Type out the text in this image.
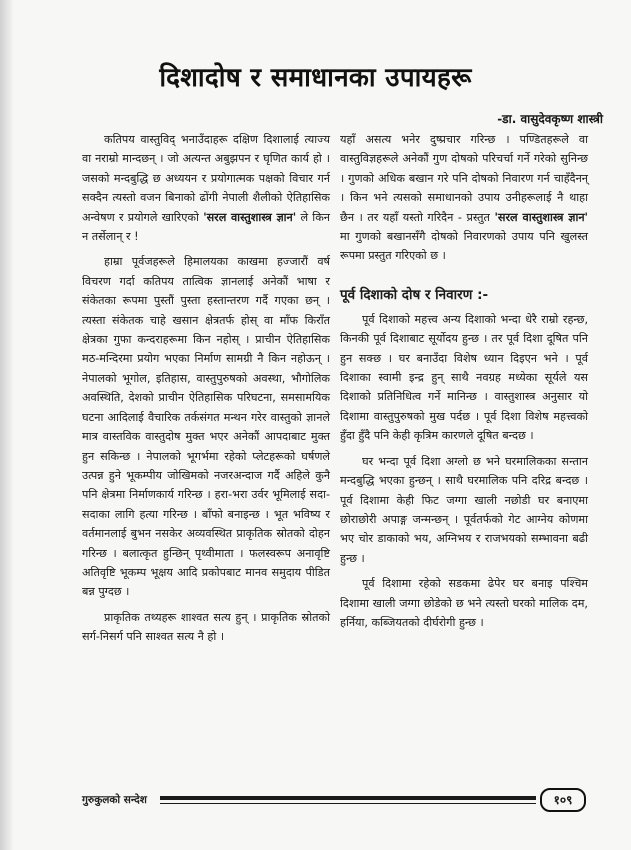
दिशादोष र समाधानका उपायहरू
-डा. वासुदेवकृष्ण शास्त्री

कतिपय वास्तुविद् भनाउँदाहरू दक्षिण दिशालाई त्याज्य वा नराम्रो मान्दछन् । जो अत्यन्त अबुझपन र घृणित कार्य हो । जसको मन्दबुद्धि छ अध्ययन र प्रयोगात्मक पक्षको विचार गर्न सक्दैन त्यस्तो वजन बिनाको ढोंगी नेपाली शैलीको ऐतिहासिक अन्वेषण र प्रयोगले खारिएको 'सरल वास्तुशास्त्र ज्ञान' ले किन न तर्सेलान् र !

हाम्रा पूर्वजहरूले हिमालयका काखमा हज्जारौं वर्ष विचरण गर्दा कतिपय तात्विक ज्ञानलाई अनेकौं भाषा र संकेतका रूपमा पुस्तौं पुस्ता हस्तान्तरण गर्दै गएका छन् । त्यस्ता संकेतक चाहे खसान क्षेत्रतर्फ होस् वा माँफ किराँत क्षेत्रका गुफा कन्दराहरूमा किन नहोस् । प्राचीन ऐतिहासिक मठ-मन्दिरमा प्रयोग भएका निर्माण सामग्री नै किन नहोऊन् । नेपालको भूगोल, इतिहास, वास्तुपुरुषको अवस्था, भौगोलिक अवस्थिति, देशको प्राचीन ऐतिहासिक परिघटना, समसामयिक घटना आदिलाई वैचारिक तर्कसंगत मन्थन गरेर वास्तुको ज्ञानले मात्र वास्तविक वास्तुदोष मुक्त भएर अनेकौं आपदाबाट मुक्त हुन सकिन्छ । नेपालको भूगर्भमा रहेको प्लेटहरूको घर्षणले उत्पन्न हुने भूकम्पीय जोखिमको नजरअन्दाज गर्दै अहिले कुनै पनि क्षेत्रमा निर्माणकार्य गरिन्छ । हरा-भरा उर्वर भूमिलाई सदा-सदाका लागि हत्या गरिन्छ । बाँफो बनाइन्छ । भूत भविष्य र वर्तमानलाई बुभन नसकेर अव्यवस्थित प्राकृतिक स्रोतको दोहन गरिन्छ । बलात्कृत हुन्छिन् पृथ्वीमाता । फलस्वरूप अनावृष्टि अतिवृष्टि भूकम्प भूक्षय आदि प्रकोपबाट मानव समुदाय पीडित बन्न पुग्दछ ।

प्राकृतिक तथ्यहरू शाश्वत सत्य हुन् । प्राकृतिक स्रोतको सर्ग-निसर्ग पनि साश्वत सत्य नै हो ।

यहाँ असत्य भनेर दुष्प्रचार गरिन्छ । पण्डितहरूले वा वास्तुविज्ञहरूले अनेकौं गुण दोषको परिचर्चा गर्ने गरेको सुनिन्छ । गुणको अधिक बखान गरे पनि दोषको निवारण गर्न चाहँदैनन् । किन भने त्यसको समाधानको उपाय उनीहरूलाई नै थाहा छैन । तर यहाँ यस्तो गरिदैन - प्रस्तुत 'सरल वास्तुशास्त्र ज्ञान' मा गुणको बखानसँगै दोषको निवारणको उपाय पनि खुलस्त रूपमा प्रस्तुत गरिएको छ ।

पूर्व दिशाको दोष र निवारण :-

पूर्व दिशाको महत्त्व अन्य दिशाको भन्दा धेरै राम्रो रहन्छ, किनकी पूर्व दिशाबाट सूर्योदय हुन्छ । तर पूर्व दिशा दूषित पनि हुन सक्छ । घर बनाउँदा विशेष ध्यान दिइएन भने । पूर्व दिशाका स्वामी इन्द्र हुन् साथै नवग्रह मध्येका सूर्यले यस दिशाको प्रतिनिधित्व गर्ने मानिन्छ । वास्तुशास्त्र अनुसार यो दिशामा वास्तुपुरुषको मुख पर्दछ । पूर्व दिशा विशेष महत्त्वको हुँदा हुँदै पनि केही कृत्रिम कारणले दूषित बन्दछ ।

घर भन्दा पूर्व दिशा अग्लो छ भने घरमालिकका सन्तान मन्दबुद्धि भएका हुन्छन् । साथै घरमालिक पनि दरिद्र बन्दछ । पूर्व दिशामा केही फिट जग्गा खाली नछोडी घर बनाएमा छोराछोरी अपाङ्ग जन्मन्छन् । पूर्वतर्फको गेट आग्नेय कोणमा भए चोर डाकाको भय, अग्निभय र राजभयको सम्भावना बढी हुन्छ ।

पूर्व दिशामा रहेको सडकमा ढेपेर घर बनाइ पश्चिम दिशामा खाली जग्गा छोडेको छ भने त्यस्तो घरको मालिक दम, हर्निया, कब्जियतको दीर्घरोगी हुन्छ ।

गुरुकुलको सन्देश	१०९
